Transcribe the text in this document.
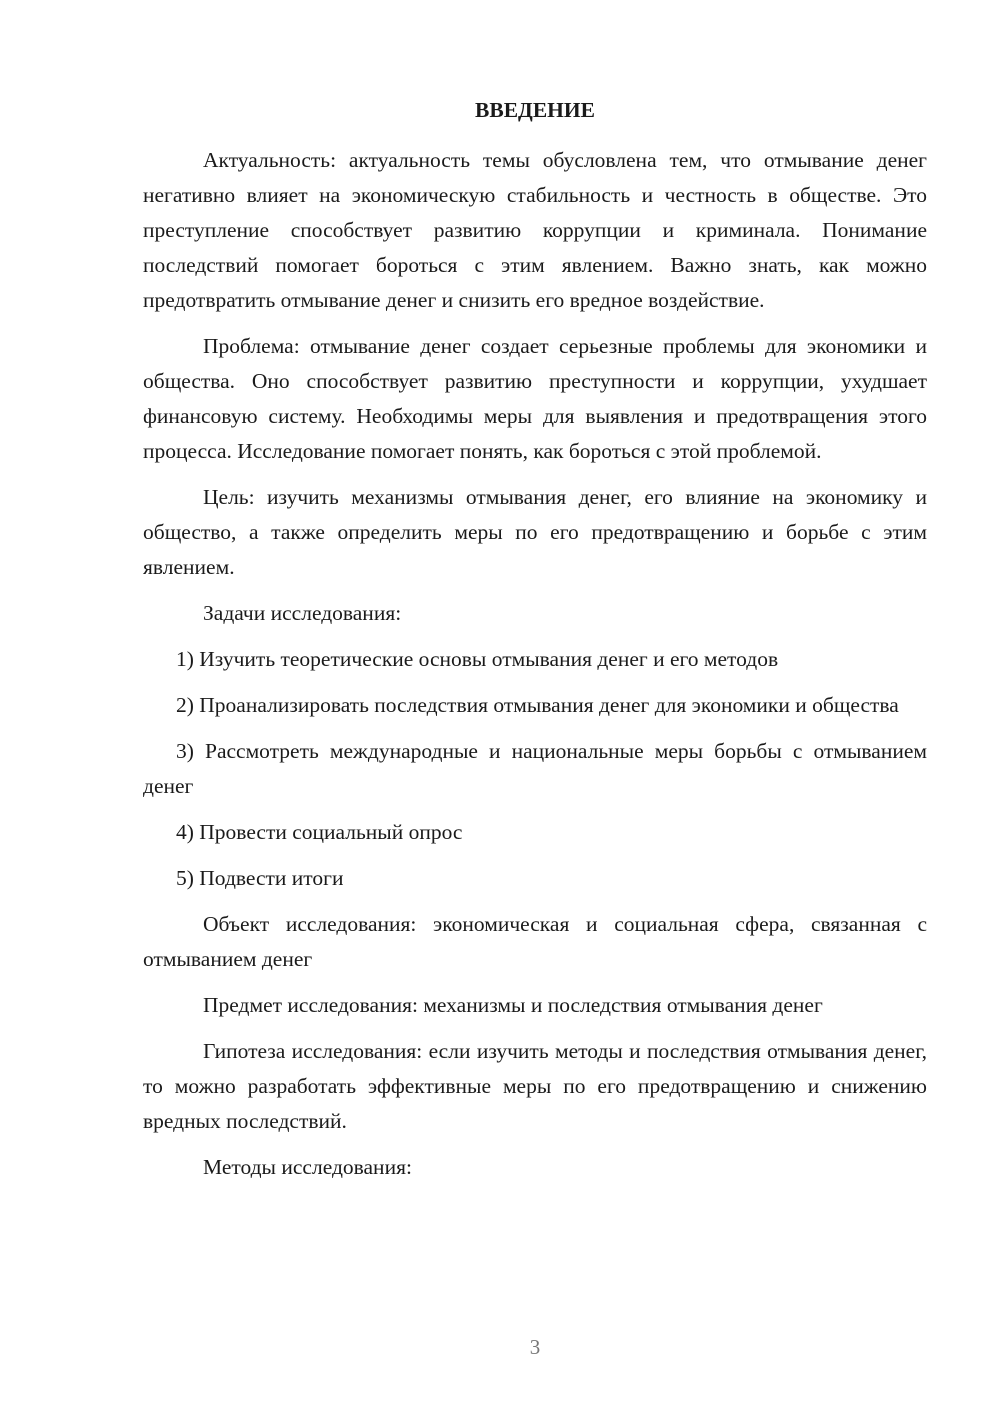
ВВЕДЕНИЕ

Актуальность: актуальность темы обусловлена тем, что отмывание денег негативно влияет на экономическую стабильность и честность в обществе. Это преступление способствует развитию коррупции и криминала. Понимание последствий помогает бороться с этим явлением. Важно знать, как можно предотвратить отмывание денег и снизить его вредное воздействие.

Проблема: отмывание денег создает серьезные проблемы для экономики и общества. Оно способствует развитию преступности и коррупции, ухудшает финансовую систему. Необходимы меры для выявления и предотвращения этого процесса. Исследование помогает понять, как бороться с этой проблемой.

Цель: изучить механизмы отмывания денег, его влияние на экономику и общество, а также определить меры по его предотвращению и борьбе с этим явлением.

Задачи исследования:

1) Изучить теоретические основы отмывания денег и его методов

2) Проанализировать последствия отмывания денег для экономики и общества

3) Рассмотреть международные и национальные меры борьбы с отмыванием денег

4) Провести социальный опрос

5) Подвести итоги

Объект исследования: экономическая и социальная сфера, связанная с отмыванием денег

Предмет исследования: механизмы и последствия отмывания денег

Гипотеза исследования: если изучить методы и последствия отмывания денег, то можно разработать эффективные меры по его предотвращению и снижению вредных последствий.

Методы исследования:

3
